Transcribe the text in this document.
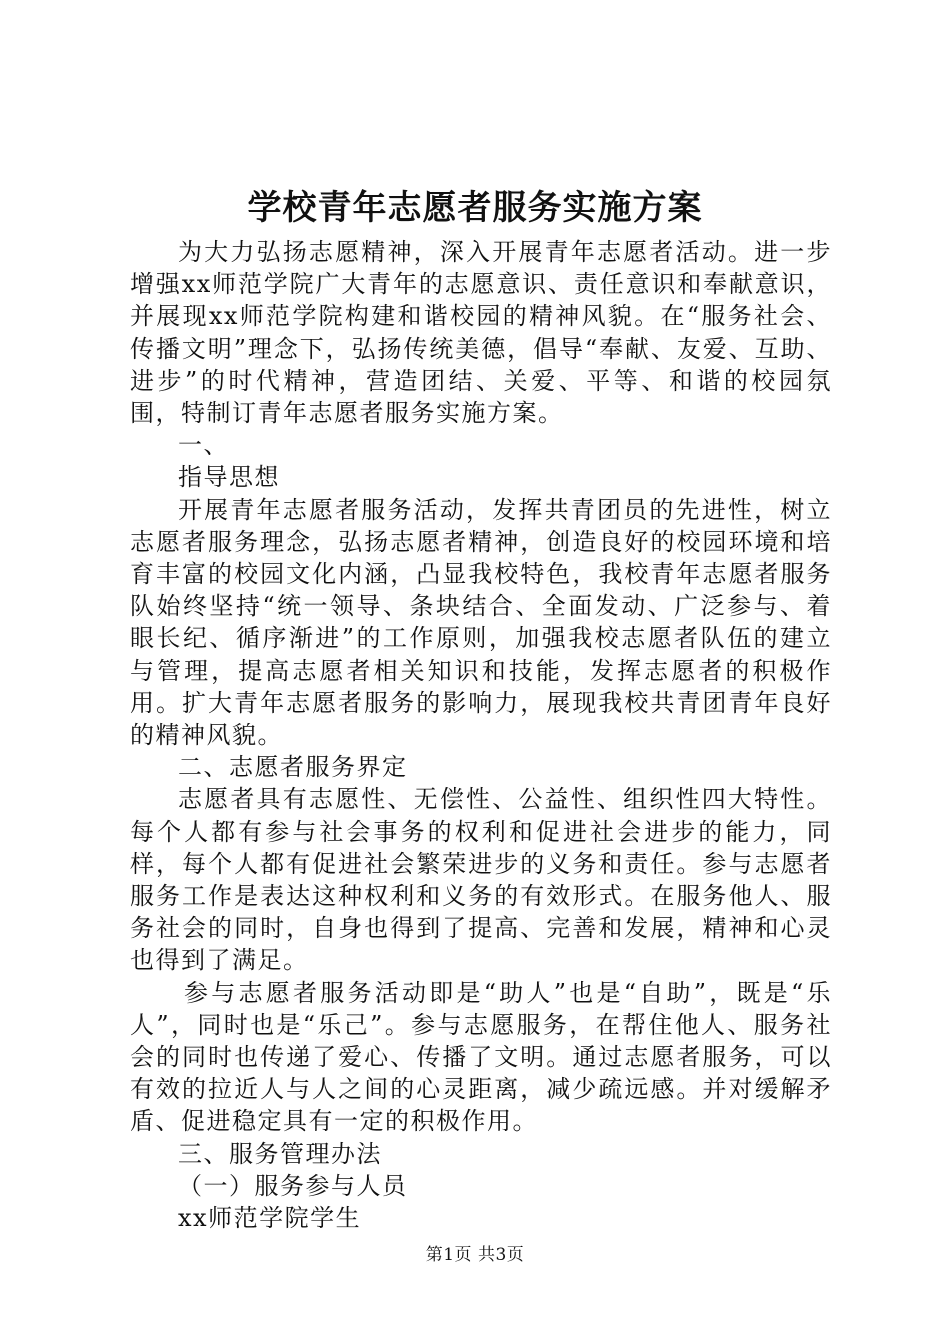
学校青年志愿者服务实施方案

为大力弘扬志愿精神，深入开展青年志愿者活动。进一步增强xx师范学院广大青年的志愿意识、责任意识和奉献意识，并展现xx师范学院构建和谐校园的精神风貌。在“服务社会、传播文明”理念下，弘扬传统美德，倡导“奉献、友爱、互助、进步”的时代精神，营造团结、关爱、平等、和谐的校园氛围，特制订青年志愿者服务实施方案。

一、

指导思想

开展青年志愿者服务活动，发挥共青团员的先进性，树立志愿者服务理念，弘扬志愿者精神，创造良好的校园环境和培育丰富的校园文化内涵，凸显我校特色，我校青年志愿者服务队始终坚持“统一领导、条块结合、全面发动、广泛参与、着眼长纪、循序渐进”的工作原则，加强我校志愿者队伍的建立与管理，提高志愿者相关知识和技能，发挥志愿者的积极作用。扩大青年志愿者服务的影响力，展现我校共青团青年良好的精神风貌。

二、志愿者服务界定

志愿者具有志愿性、无偿性、公益性、组织性四大特性。每个人都有参与社会事务的权利和促进社会进步的能力，同样，每个人都有促进社会繁荣进步的义务和责任。参与志愿者服务工作是表达这种权利和义务的有效形式。在服务他人、服务社会的同时，自身也得到了提高、完善和发展，精神和心灵也得到了满足。

参与志愿者服务活动即是“助人”也是“自助”，既是“乐人”，同时也是“乐己”。参与志愿服务，在帮住他人、服务社会的同时也传递了爱心、传播了文明。通过志愿者服务，可以有效的拉近人与人之间的心灵距离，减少疏远感。并对缓解矛盾、促进稳定具有一定的积极作用。

三、服务管理办法

（一）服务参与人员

xx师范学院学生

第1页 共3页
